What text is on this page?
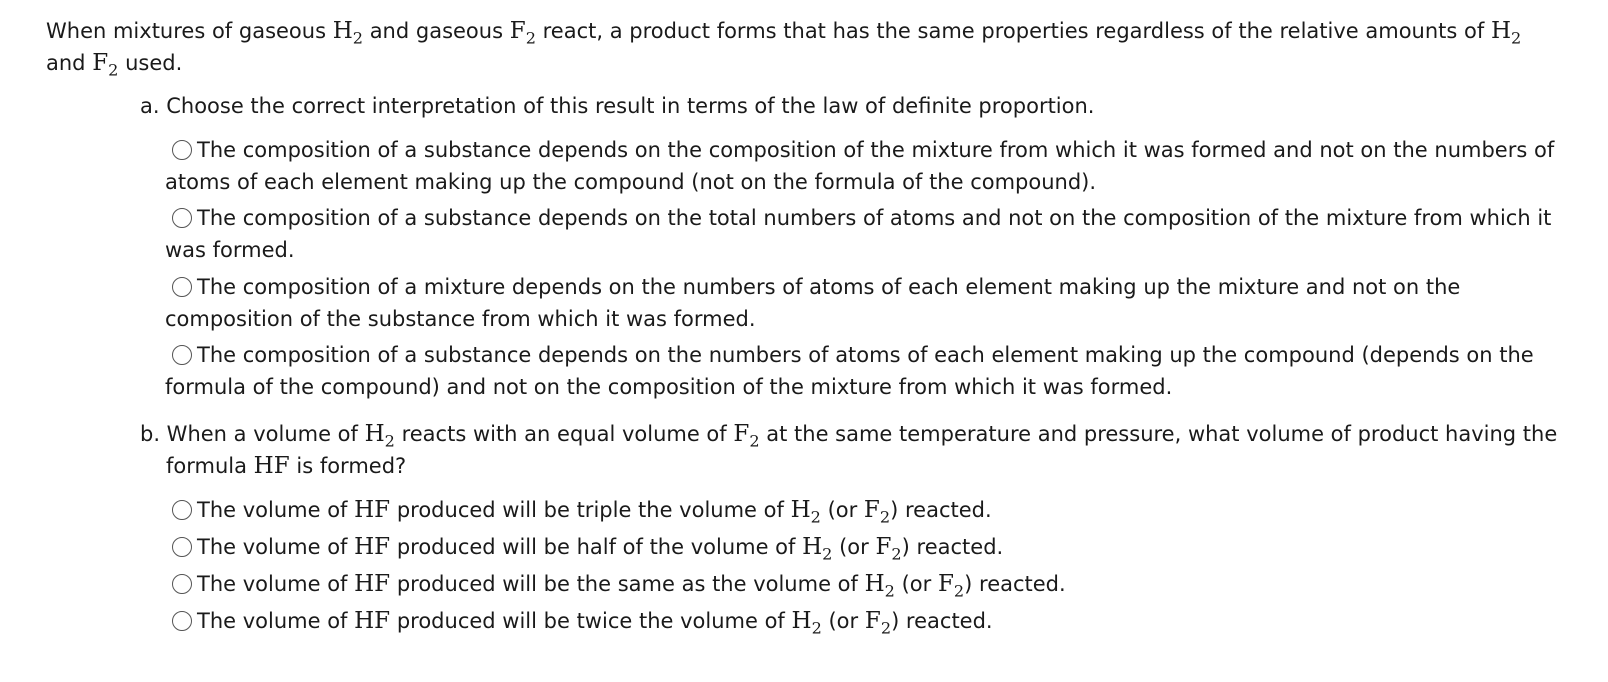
When mixtures of gaseous $H_2$ and gaseous $F_2$ react, a product forms that has the same properties regardless of the relative amounts of $H_2$
and $F_2$ used.
a. Choose the correct interpretation of this result in terms of the law of definite proportion.
The composition of a substance depends on the composition of the mixture from which it was formed and not on the numbers of atoms of each element making up the compound (not on the formula of the compound).
The composition of a substance depends on the total numbers of atoms and not on the composition of the mixture from which it was formed.
The composition of a mixture depends on the numbers of atoms of each element making up the mixture and not on the composition of the substance from which it was formed.
The composition of a substance depends on the numbers of atoms of each element making up the compound (depends on the formula of the compound) and not on the composition of the mixture from which it was formed.
b. When a volume of $H_2$ reacts with an equal volume of $F_2$ at the same temperature and pressure, what volume of product having the formula HF is formed?
The volume of HF produced will be triple the volume of $H_2$ (or $F_2$) reacted.
The volume of HF produced will be half of the volume of $H_2$ (or $F_2$) reacted.
The volume of HF produced will be the same as the volume of $H_2$ (or $F_2$) reacted.
The volume of HF produced will be twice the volume of $H_2$ (or $F_2$) reacted.
